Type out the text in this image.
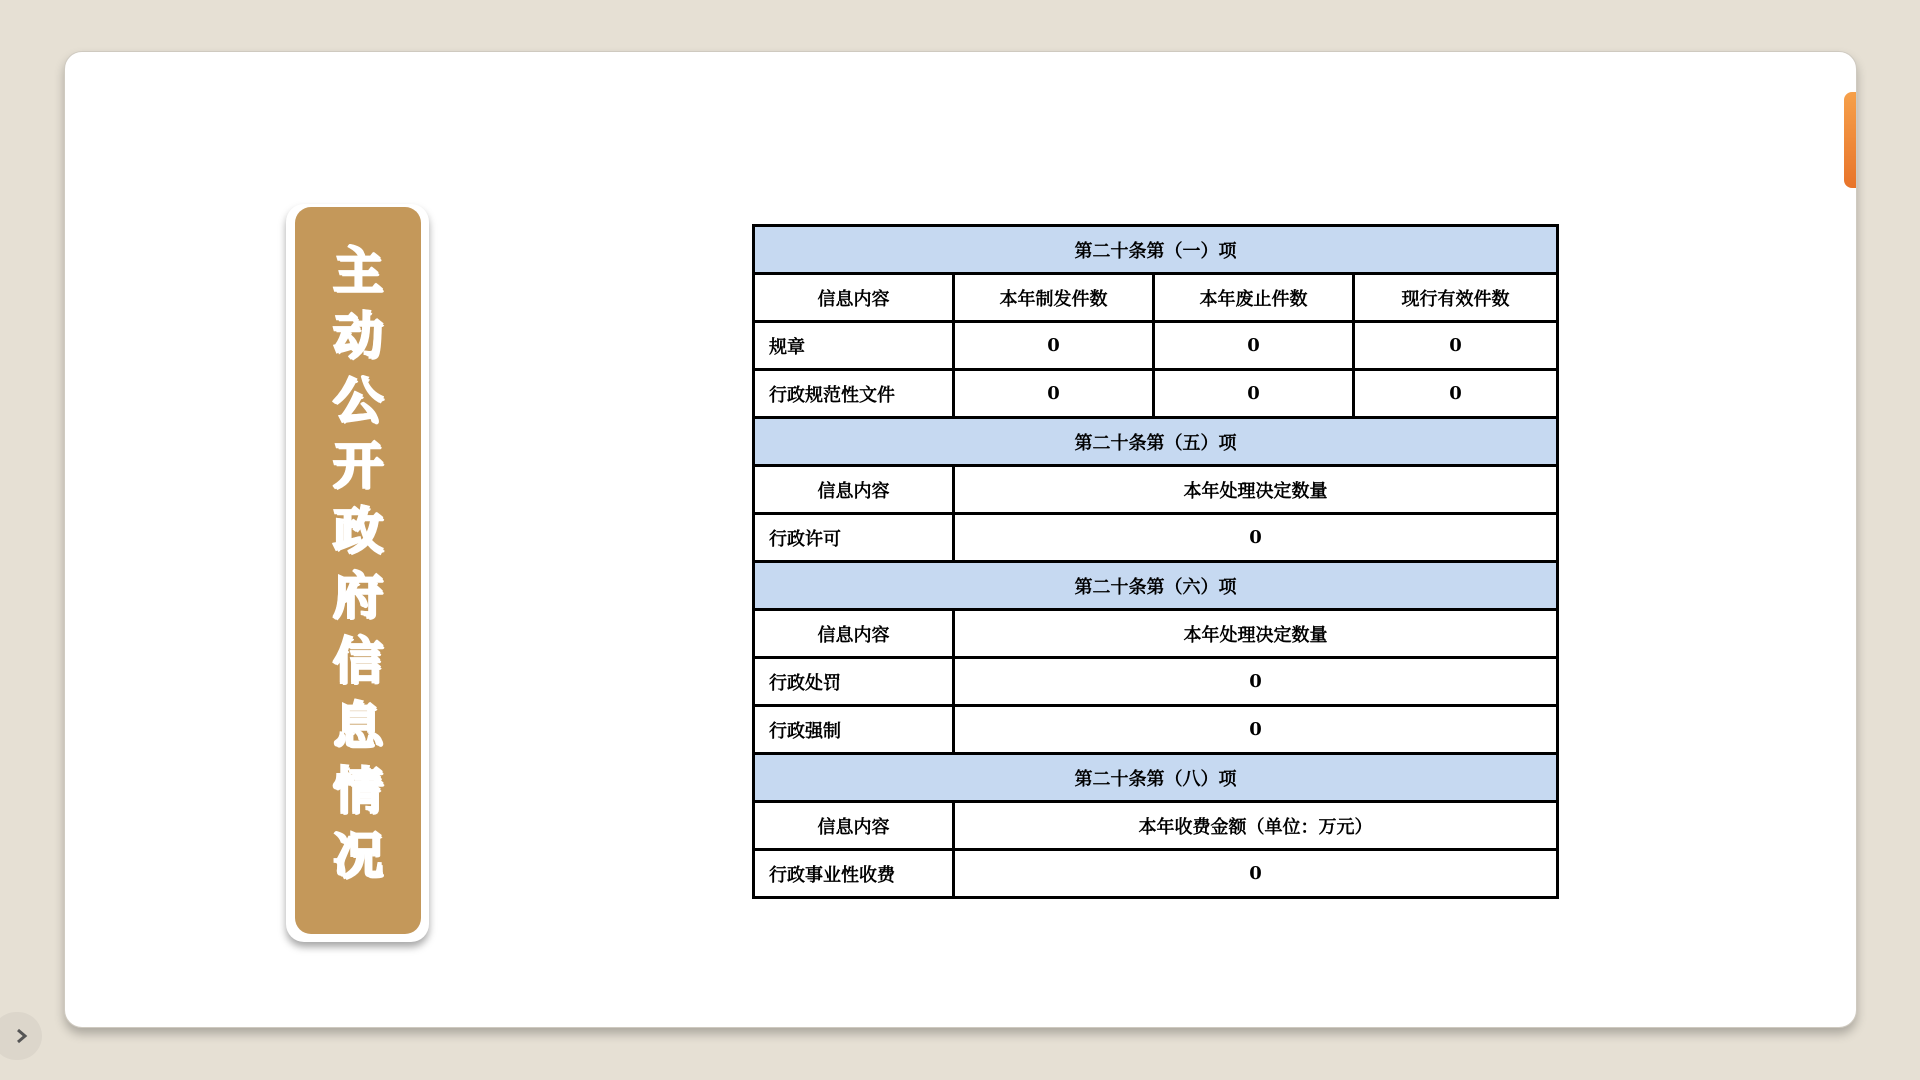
主
动
公
开
政
府
信
息
情
况
第二十条第（一）项			
信息内容	本年制发件数	本年废止件数	现行有效件数
规章	0	0	0
行政规范性文件	0	0	0
第二十条第（五）项			
信息内容	本年处理决定数量		
行政许可	0		
第二十条第（六）项			
信息内容	本年处理决定数量		
行政处罚	0		
行政强制	0		
第二十条第（八）项			
信息内容	本年收费金额（单位：万元）		
行政事业性收费	0		
